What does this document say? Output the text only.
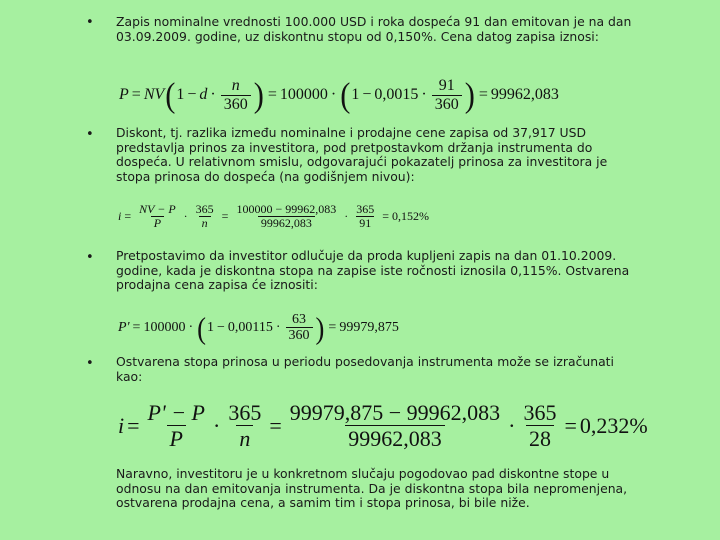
• Zapis nominalne vrednosti 100.000 USD i roka dospeća 91 dan emitovan je na dan 03.09.2009. godine, uz diskontnu stopu od 0,150%. Cena datog zapisa iznosi:
P = NV ( $1 - d \cdot \frac{n}{360}$ ) = 100000 · ( $1 - 0,0015 \cdot \frac{91}{360}$ ) = 99962,083
• Diskont, tj. razlika između nominalne i prodajne cene zapisa od 37,917 USD predstavlja prinos za investitora, pod pretpostavkom držanja instrumenta do dospeća. U relativnom smislu, odgovarajući pokazatelj prinosa za investitora je stopa prinosa do dospeća (na godišnjem nivou):
$i = \frac{NV - P}{P} \cdot \frac{365}{n} = \frac{100000 - 99962,083}{99962,083} \cdot \frac{365}{91} = 0,152\%$
• Pretpostavimo da investitor odlučuje da proda kupljeni zapis na dan 01.10.2009. godine, kada je diskontna stopa na zapise iste ročnosti iznosila 0,115%. Ostvarena prodajna cena zapisa će iznositi:
P' = 100000 · ( $1 - 0,00115 \cdot \frac{63}{360}$ ) = 99979,875
• Ostvarena stopa prinosa u periodu posedovanja instrumenta može se izračunati kao:
$i = \frac{P' - P}{P} \cdot \frac{365}{n} = \frac{99979,875 - 99962,083}{99962,083} \cdot \frac{365}{28} = 0,232\%$
Naravno, investitoru je u konkretnom slučaju pogodovao pad diskontne stope u odnosu na dan emitovanja instrumenta. Da je diskontna stopa bila nepromenjena, ostvarena prodajna cena, a samim tim i stopa prinosa, bi bile niže.
